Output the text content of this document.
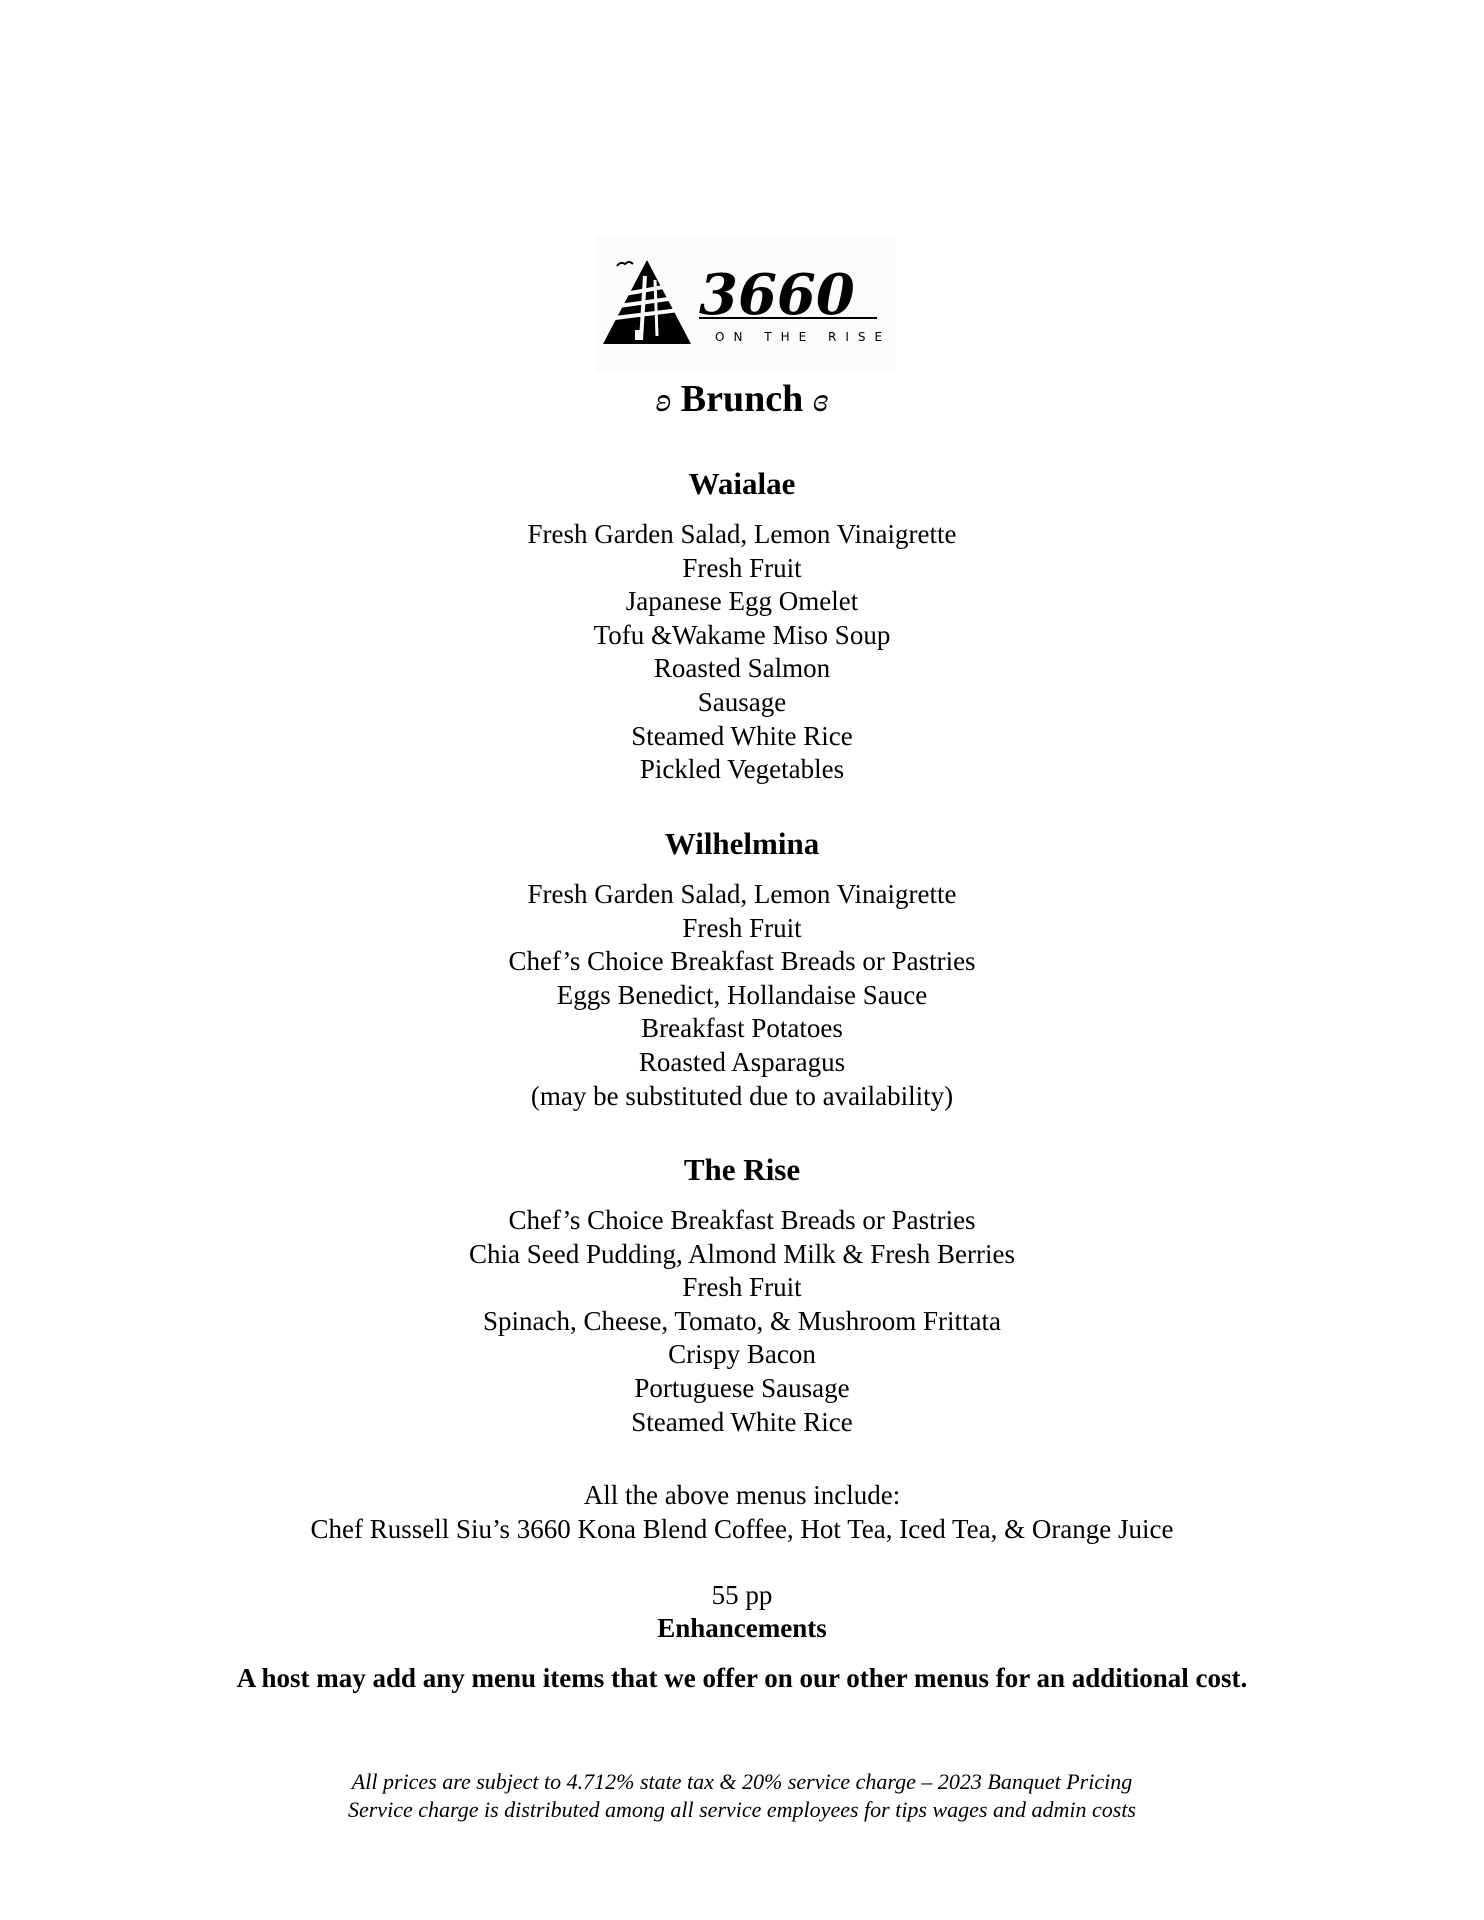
3660
ON THE RISE
ʚ Brunch ɞ
Waialae
Fresh Garden Salad, Lemon Vinaigrette
Fresh Fruit
Japanese Egg Omelet
Tofu &Wakame Miso Soup
Roasted Salmon
Sausage
Steamed White Rice
Pickled Vegetables
Wilhelmina
Fresh Garden Salad, Lemon Vinaigrette
Fresh Fruit
Chef’s Choice Breakfast Breads or Pastries
Eggs Benedict, Hollandaise Sauce
Breakfast Potatoes
Roasted Asparagus
(may be substituted due to availability)
The Rise
Chef’s Choice Breakfast Breads or Pastries
Chia Seed Pudding, Almond Milk & Fresh Berries
Fresh Fruit
Spinach, Cheese, Tomato, & Mushroom Frittata
Crispy Bacon
Portuguese Sausage
Steamed White Rice
All the above menus include:
Chef Russell Siu’s 3660 Kona Blend Coffee, Hot Tea, Iced Tea, & Orange Juice
55 pp
Enhancements
A host may add any menu items that we offer on our other menus for an additional cost.
All prices are subject to 4.712% state tax & 20% service charge – 2023 Banquet Pricing
Service charge is distributed among all service employees for tips wages and admin costs
